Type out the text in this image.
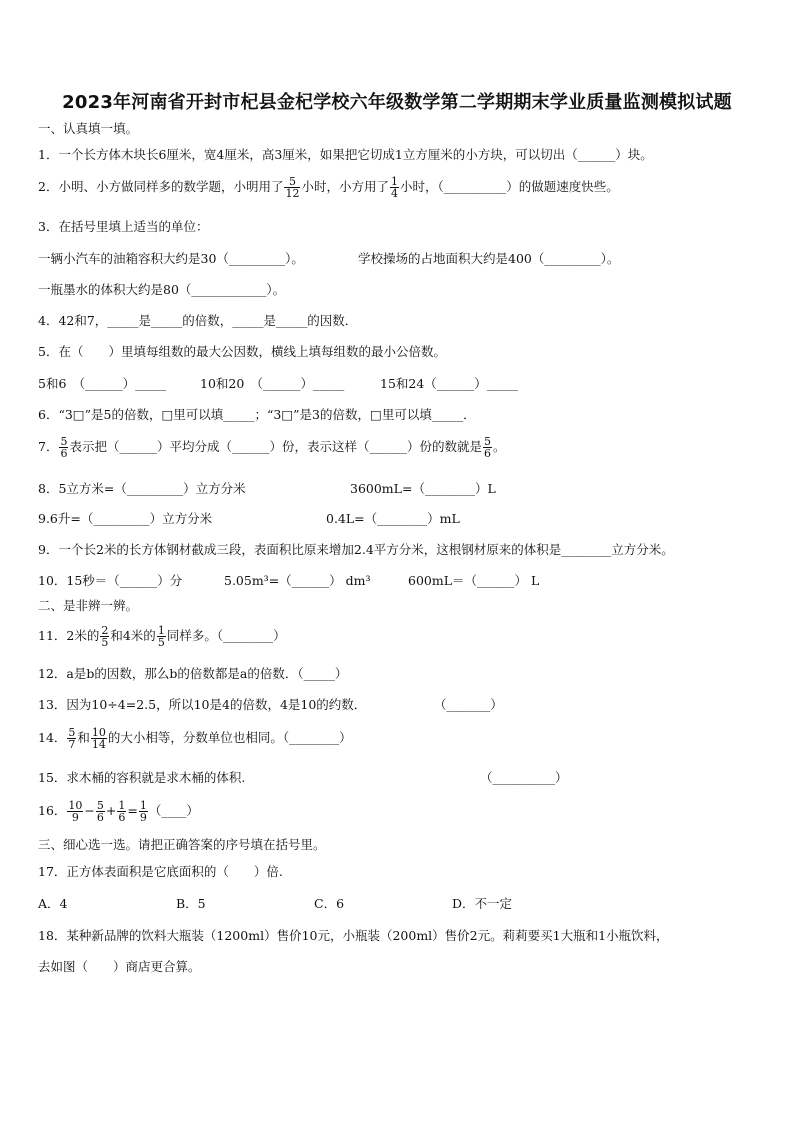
2023年河南省开封市杞县金杞学校六年级数学第二学期期末学业质量监测模拟试题
一、认真填一填。
1．一个长方体木块长6厘米，宽4厘米，高3厘米，如果把它切成1立方厘米的小方块，可以切出（______）块。
2．小明、小方做同样多的数学题，小明用了 $\frac{5}{12}$ 小时，小方用了 $\frac{1}{4}$ 小时，（__________）的做题速度快些。
3．在括号里填上适当的单位：
一辆小汽车的油箱容积大约是30（_________）。	学校操场的占地面积大约是400（_________）。
一瓶墨水的体积大约是80（____________）。
4．42和7，_____是_____的倍数，_____是_____的因数．
5．在（　　）里填每组数的最大公因数，横线上填每组数的最小公倍数。
5和6　（______）_____	10和20　（______）_____	15和24（______）_____
6．“3□”是5的倍数，□里可以填_____；“3□”是3的倍数，□里可以填_____．
7． $\frac{5}{6}$ 表示把（______）平均分成（______）份，表示这样（______）份的数就是 $\frac{5}{6}$ 。
8．5立方米=（_________）立方分米	3600mL=（________）L
9.6升=（_________）立方分米	0.4L=（________）mL
9．一个长2米的长方体钢材截成三段，表面积比原来增加2.4平方分米，这根钢材原来的体积是________立方分米。
10．15秒＝（______）分	5.05m³=（______） dm³	600mL＝（______） L
二、是非辨一辨。
11．2米的 $\frac{2}{5}$ 和4米的 $\frac{1}{5}$ 同样多。（________）
12．a是b的因数，那么b的倍数都是a的倍数．（_____）
13．因为10÷4=2.5，所以10是4的倍数，4是10的约数．	（_______）
14． $\frac{5}{7}$ 和 $\frac{10}{14}$ 的大小相等，分数单位也相同。（________）
15．求木桶的容积就是求木桶的体积.	（__________）
16． $\frac{10}{9} - \frac{5}{6} + \frac{1}{6} = \frac{1}{9}$ （____）
三、细心选一选。请把正确答案的序号填在括号里。
17．正方体表面积是它底面积的（　　）倍.
A．4	B．5	C．6	D．不一定
18．某种新品牌的饮料大瓶装（1200ml）售价10元，小瓶装（200ml）售价2元。莉莉要买1大瓶和1小瓶饮料，
去如图（　　）商店更合算。
